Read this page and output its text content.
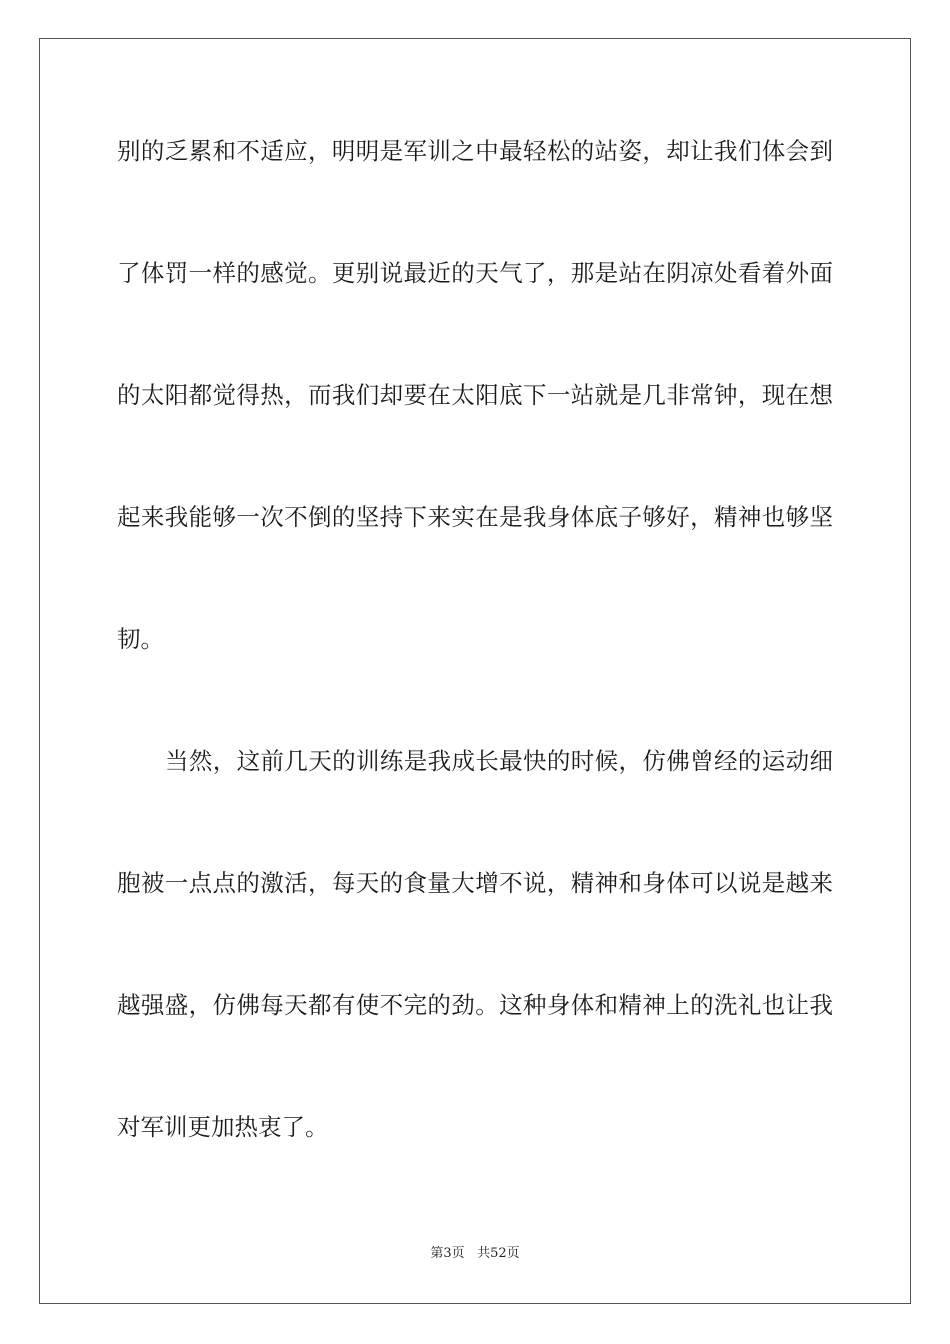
别的乏累和不适应，明明是军训之中最轻松的站姿，却让我们体会到
了体罚一样的感觉。更别说最近的天气了，那是站在阴凉处看着外面
的太阳都觉得热，而我们却要在太阳底下一站就是几非常钟，现在想
起来我能够一次不倒的坚持下来实在是我身体底子够好，精神也够坚
韧。
当然，这前几天的训练是我成长最快的时候，仿佛曾经的运动细
胞被一点点的激活，每天的食量大增不说，精神和身体可以说是越来
越强盛，仿佛每天都有使不完的劲。这种身体和精神上的洗礼也让我
对军训更加热衷了。
第3页 共52页
